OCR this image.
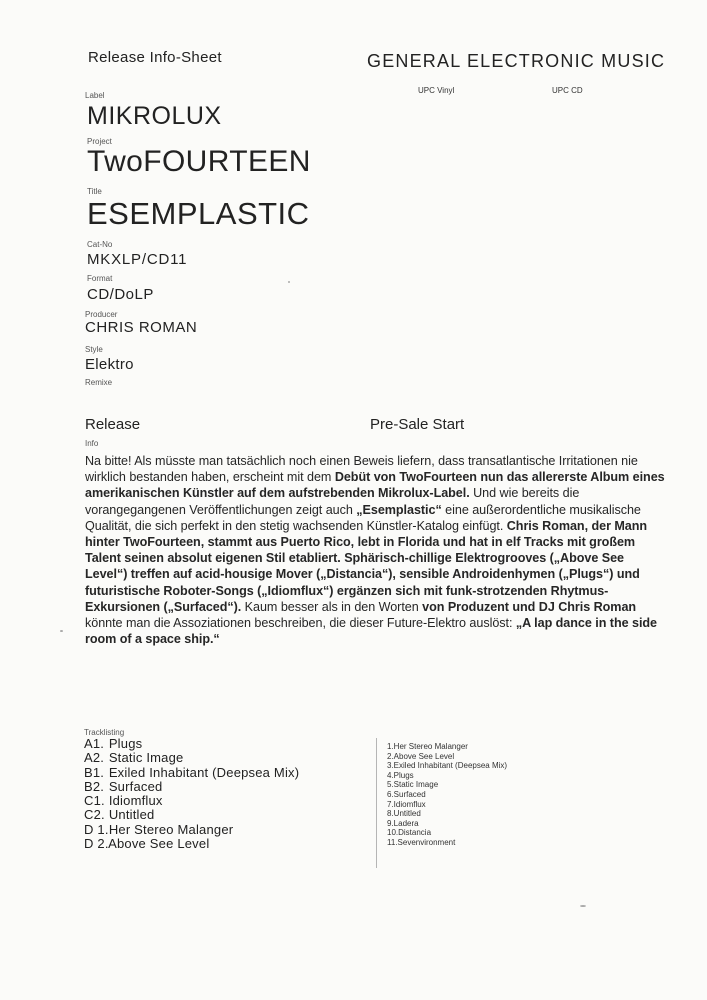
Release Info-Sheet	GENERAL ELECTRONIC MUSIC
UPC Vinyl	UPC CD
Label
MIKROLUX
Project
TwoFOURTEEN
Title
ESEMPLASTIC
Cat-No
MKXLP/CD11
Format
CD/DoLP
Producer
CHRIS ROMAN
Style
Elektro
Remixe
Release	Pre-Sale Start
Info

Na bitte! Als müsste man tatsächlich noch einen Beweis liefern, dass transatlantische Irritationen nie wirklich bestanden haben, erscheint mit dem Debüt von TwoFourteen nun das allererste Album eines amerikanischen Künstler auf dem aufstrebenden Mikrolux-Label. Und wie bereits die vorangegangenen Veröffentlichungen zeigt auch „Esemplastic“ eine außerordentliche musikalische Qualität, die sich perfekt in den stetig wachsenden Künstler-Katalog einfügt. Chris Roman, der Mann hinter TwoFourteen, stammt aus Puerto Rico, lebt in Florida und hat in elf Tracks mit großem Talent seinen absolut eigenen Stil etabliert. Sphärisch-chillige Elektrogrooves („Above See Level“) treffen auf acid-housige Mover („Distancia“), sensible Androidenhymen („Plugs“) und futuristische Roboter-Songs („Idiomflux“) ergänzen sich mit funk-strotzenden Rhytmus-Exkursionen („Surfaced“). Kaum besser als in den Worten von Produzent und DJ Chris Roman könnte man die Assoziationen beschreiben, die dieser Future-Elektro auslöst: „A lap dance in the side room of a space ship.“

Tracklisting
A1. Plugs
A2. Static Image
B1. Exiled Inhabitant (Deepsea Mix)
B2. Surfaced
C1. Idiomflux
C2. Untitled
D 1. Her Stereo Malanger
D 2. Above See Level
1.Her Stereo Malanger
2.Above See Level
3.Exiled Inhabitant (Deepsea Mix)
4.Plugs
5.Static Image
6.Surfaced
7.Idiomflux
8.Untitled
9.Ladera
10.Distancia
11.Sevenvironment
